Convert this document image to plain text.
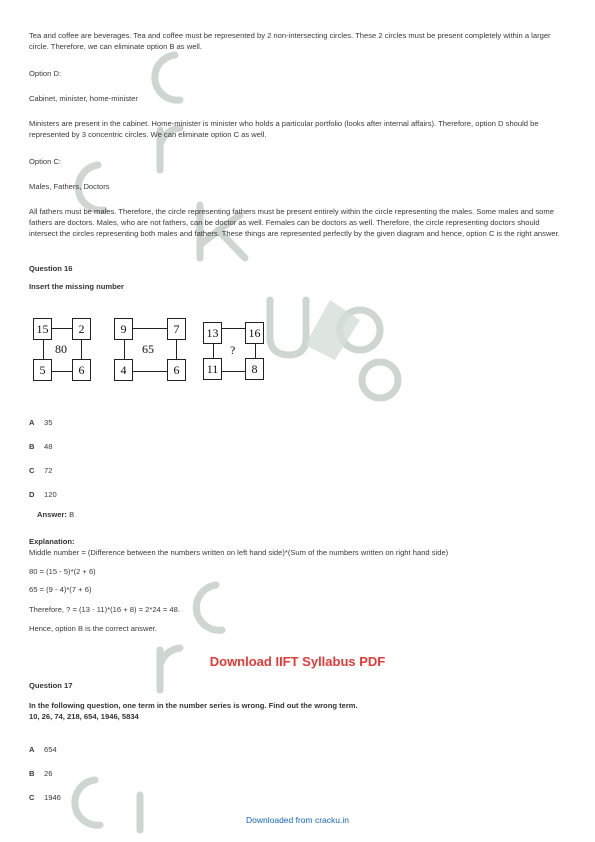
Tea and coffee are beverages. Tea and coffee must be represented by 2 non-intersecting circles. These 2 circles must be present completely within a larger circle. Therefore, we can eliminate option B as well.

Option D:

Cabinet, minister, home-minister

Ministers are present in the cabinet. Home-minister is minister who holds a particular portfolio (looks after internal affairs). Therefore, option D should be represented by 3 concentric circles. We can eliminate option C as well.

Option C:

Males, Fathers, Doctors

All fathers must be males. Therefore, the circle representing fathers must be present entirely within the circle representing the males. Some males and some fathers are doctors. Males, who are not fathers, can be doctor as well. Females can be doctors as well. Therefore, the circle representing doctors should intersect the circles representing both males and fathers. These things are represented perfectly by the given diagram and hence, option C is the right answer.

Question 16

Insert the missing number

15	2
80
5	6
9	7
65
4	6
13	16
?
11	8
A 35
B 48
C 72
D 120
Answer: B

Explanation:

Middle number = (Difference between the numbers written on left hand side)*(Sum of the numbers written on right hand side)

80 = (15 - 5)*(2 + 6)

65 = (9 - 4)*(7 + 6)

Therefore, ? = (13 - 11)*(16 + 8) = 2*24 = 48.

Hence, option B is the correct answer.

Download IIFT Syllabus PDF

Question 17

In the following question, one term in the number series is wrong. Find out the wrong term.

10, 26, 74, 218, 654, 1946, 5834

A 654
B 26
C 1946
Downloaded from cracku.in
